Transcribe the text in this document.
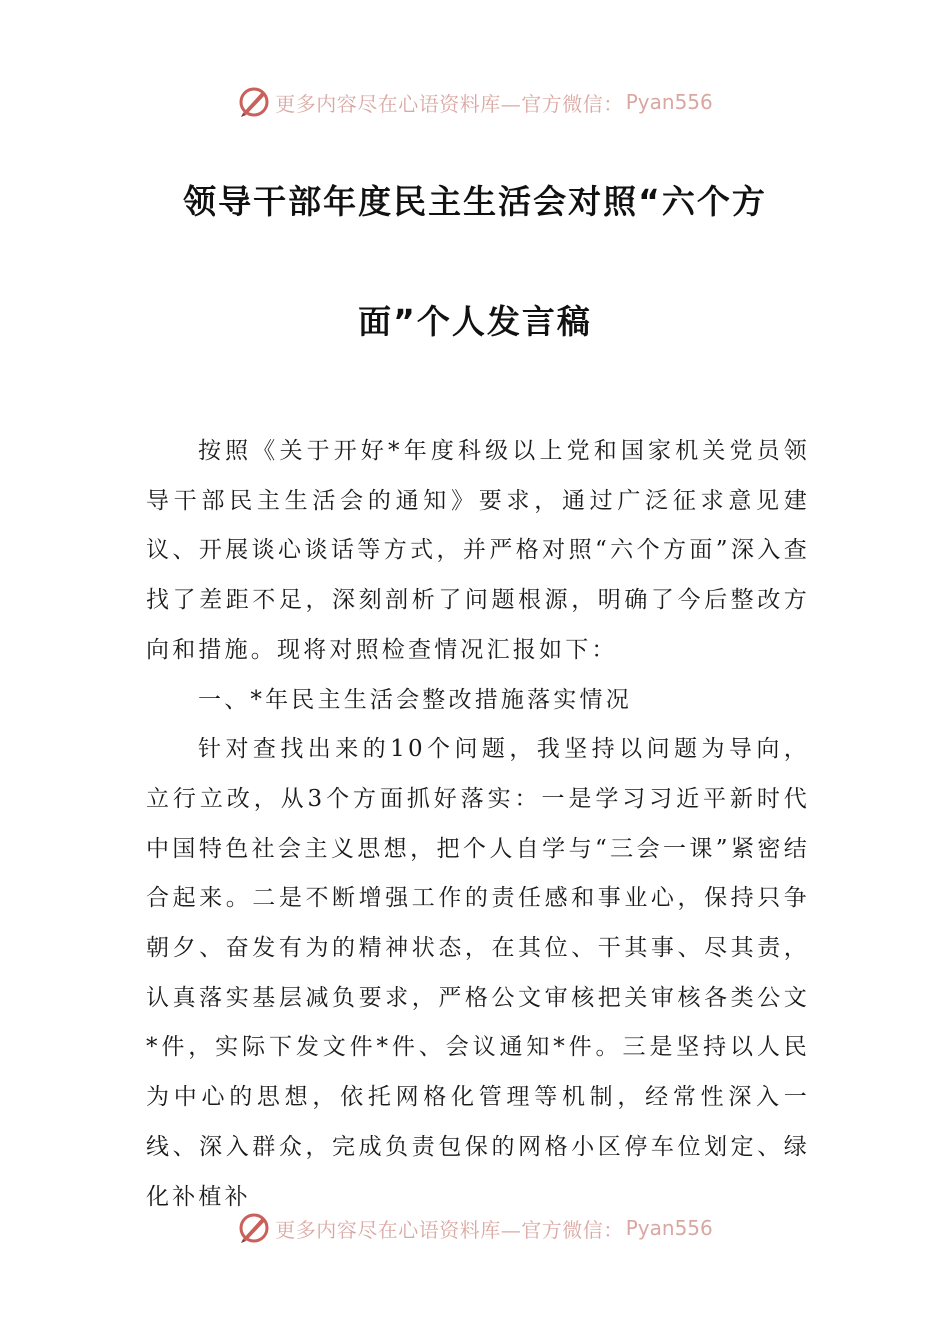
更多内容尽在心语资料库—官方微信： Pyan556
领导干部年度民主生活会对照“六个方
面”个人发言稿

按照《关于开好*年度科级以上党和国家机关党员领导干部民主生活会的通知》要求，通过广泛征求意见建议、开展谈心谈话等方式，并严格对照“六个方面”深入查找了差距不足，深刻剖析了问题根源，明确了今后整改方向和措施。现将对照检查情况汇报如下：

一、*年民主生活会整改措施落实情况

针对查找出来的10个问题，我坚持以问题为导向，立行立改，从3个方面抓好落实：一是学习习近平新时代中国特色社会主义思想，把个人自学与“三会一课”紧密结合起来。二是不断增强工作的责任感和事业心，保持只争朝夕、奋发有为的精神状态，在其位、干其事、尽其责，认真落实基层减负要求，严格公文审核把关审核各类公文*件，实际下发文件*件、会议通知*件。三是坚持以人民为中心的思想，依托网格化管理等机制，经常性深入一线、深入群众，完成负责包保的网格小区停车位划定、绿化补植补

更多内容尽在心语资料库—官方微信： Pyan556
